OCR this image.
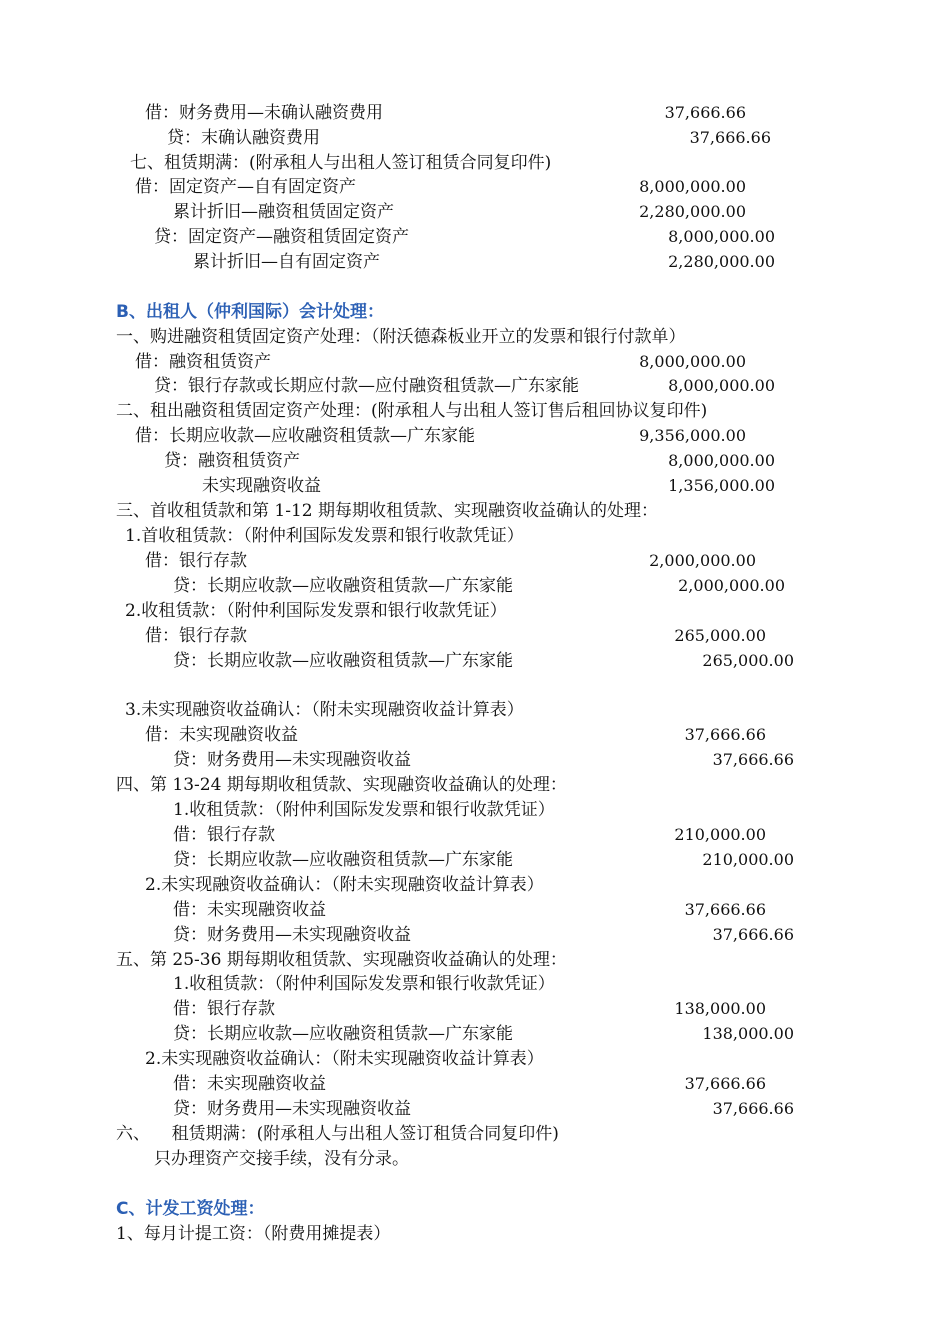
借：财务费用—未确认融资费用	37,666.66
贷：末确认融资费用	37,666.66
七、租赁期满：(附承租人与出租人签订租赁合同复印件)
借：固定资产—自有固定资产	8,000,000.00
累计折旧—融资租赁固定资产	2,280,000.00
贷：固定资产—融资租赁固定资产	8,000,000.00
累计折旧—自有固定资产	2,280,000.00
B、出租人（仲利国际）会计处理：
一、购进融资租赁固定资产处理：（附沃德森板业开立的发票和银行付款单）
借：融资租赁资产	8,000,000.00
贷：银行存款或长期应付款—应付融资租赁款—广东家能	8,000,000.00
二、租出融资租赁固定资产处理：(附承租人与出租人签订售后租回协议复印件)
借：长期应收款—应收融资租赁款—广东家能	9,356,000.00
贷：融资租赁资产	8,000,000.00
未实现融资收益	1,356,000.00
三、首收租赁款和第 1-12 期每期收租赁款、实现融资收益确认的处理：
1.首收租赁款：（附仲利国际发发票和银行收款凭证）
借：银行存款	2,000,000.00
贷：长期应收款—应收融资租赁款—广东家能	2,000,000.00
2.收租赁款：（附仲利国际发发票和银行收款凭证）
借：银行存款	265,000.00
贷：长期应收款—应收融资租赁款—广东家能	265,000.00
3.未实现融资收益确认：（附未实现融资收益计算表）
借：未实现融资收益	37,666.66
贷：财务费用—未实现融资收益	37,666.66
四、第 13-24 期每期收租赁款、实现融资收益确认的处理：
1.收租赁款：（附仲利国际发发票和银行收款凭证）
借：银行存款	210,000.00
贷：长期应收款—应收融资租赁款—广东家能	210,000.00
2.未实现融资收益确认：（附未实现融资收益计算表）
借：未实现融资收益	37,666.66
贷：财务费用—未实现融资收益	37,666.66
五、第 25-36 期每期收租赁款、实现融资收益确认的处理：
1.收租赁款：（附仲利国际发发票和银行收款凭证）
借：银行存款	138,000.00
贷：长期应收款—应收融资租赁款—广东家能	138,000.00
2.未实现融资收益确认：（附未实现融资收益计算表）
借：未实现融资收益	37,666.66
贷：财务费用—未实现融资收益	37,666.66
六、    租赁期满：(附承租人与出租人签订租赁合同复印件)
只办理资产交接手续，没有分录。
C、计发工资处理：
1、每月计提工资：（附费用摊提表）
